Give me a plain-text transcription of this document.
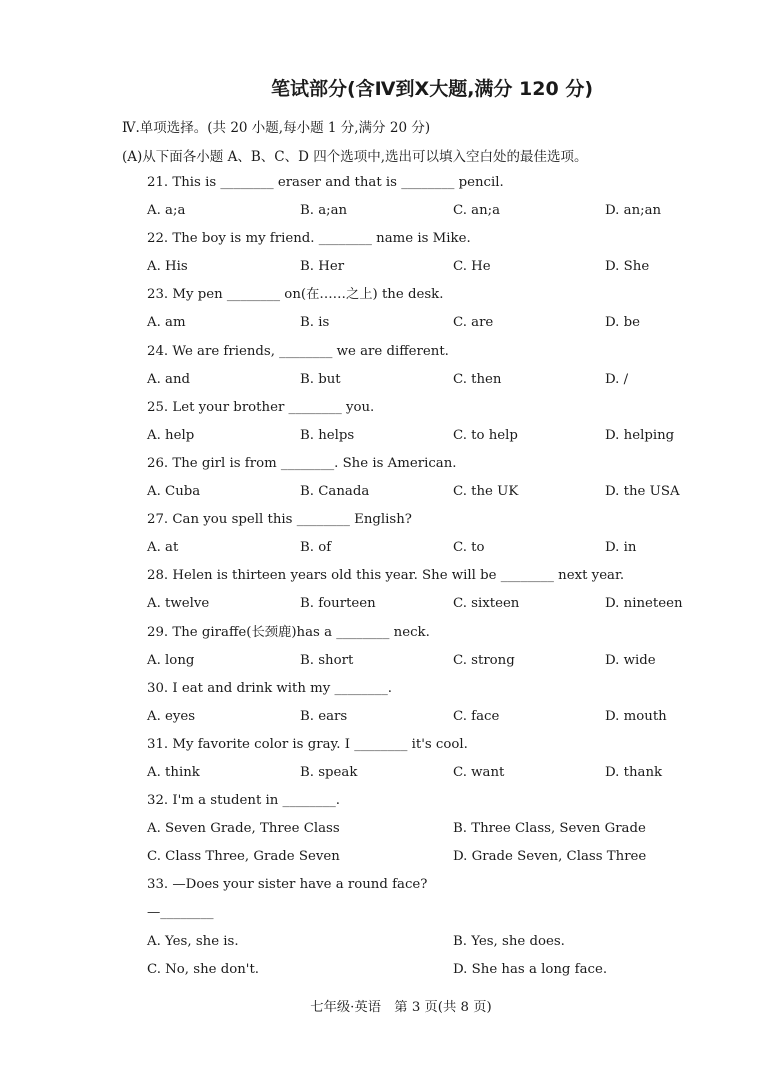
笔试部分(含Ⅳ到Ⅹ大题,满分 120 分)
Ⅳ.单项选择。(共 20 小题,每小题 1 分,满分 20 分)
(A)从下面各小题 A、B、C、D 四个选项中,选出可以填入空白处的最佳选项。
21. This is ________ eraser and that is ________ pencil.
A. a;a	B. a;an	C. an;a	D. an;an
22. The boy is my friend. ________ name is Mike.
A. His	B. Her	C. He	D. She
23. My pen ________ on(在……之上) the desk.
A. am	B. is	C. are	D. be
24. We are friends, ________ we are different.
A. and	B. but	C. then	D. /
25. Let your brother ________ you.
A. help	B. helps	C. to help	D. helping
26. The girl is from ________. She is American.
A. Cuba	B. Canada	C. the UK	D. the USA
27. Can you spell this ________ English?
A. at	B. of	C. to	D. in
28. Helen is thirteen years old this year. She will be ________ next year.
A. twelve	B. fourteen	C. sixteen	D. nineteen
29. The giraffe(长颈鹿)has a ________ neck.
A. long	B. short	C. strong	D. wide
30. I eat and drink with my ________.
A. eyes	B. ears	C. face	D. mouth
31. My favorite color is gray. I ________ it's cool.
A. think	B. speak	C. want	D. thank
32. I'm a student in ________.
A. Seven Grade, Three Class	B. Three Class, Seven Grade
C. Class Three, Grade Seven	D. Grade Seven, Class Three
33. —Does your sister have a round face?
—________
A. Yes, she is.	B. Yes, she does.
C. No, she don't.	D. She has a long face.
七年级·英语　第 3 页(共 8 页)
